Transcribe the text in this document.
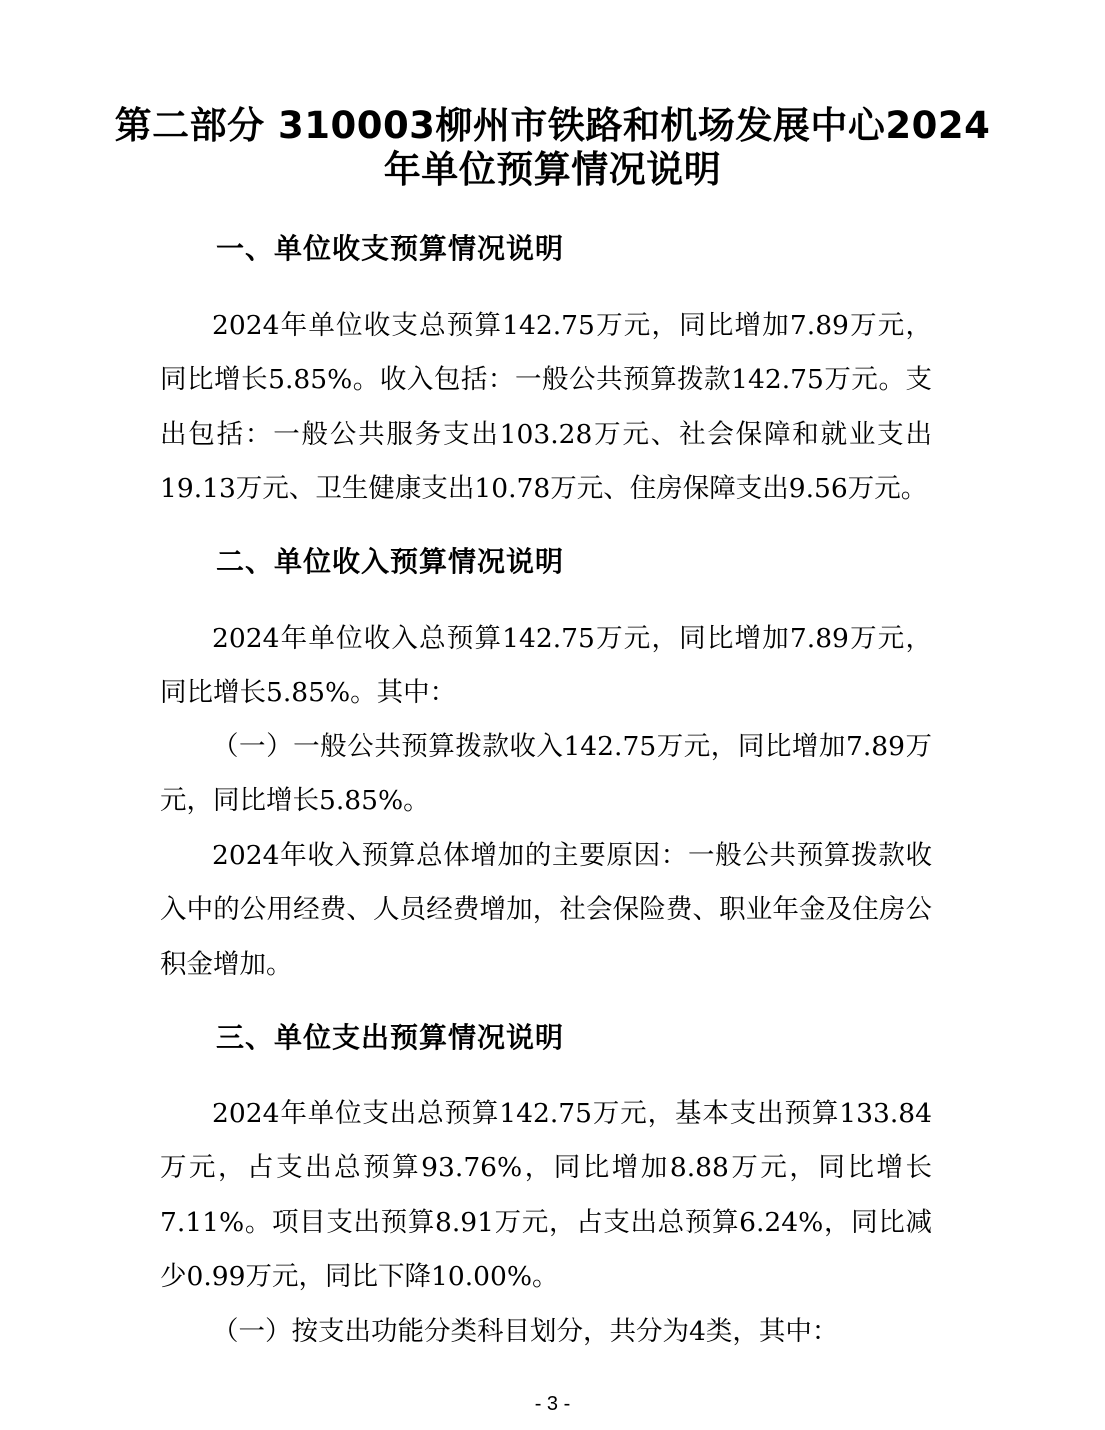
第二部分 310003柳州市铁路和机场发展中心2024年单位预算情况说明
一、单位收支预算情况说明

2024年单位收支总预算142.75万元，同比增加7.89万元，同比增长5.85%。收入包括：一般公共预算拨款142.75万元。支出包括：一般公共服务支出103.28万元、社会保障和就业支出19.13万元、卫生健康支出10.78万元、住房保障支出9.56万元。

二、单位收入预算情况说明

2024年单位收入总预算142.75万元，同比增加7.89万元，同比增长5.85%。其中：

（一）一般公共预算拨款收入142.75万元，同比增加7.89万元，同比增长5.85%。

2024年收入预算总体增加的主要原因：一般公共预算拨款收入中的公用经费、人员经费增加，社会保险费、职业年金及住房公积金增加。

三、单位支出预算情况说明

2024年单位支出总预算142.75万元，基本支出预算133.84万元，占支出总预算93.76%，同比增加8.88万元，同比增长7.11%。项目支出预算8.91万元，占支出总预算6.24%，同比减少0.99万元，同比下降10.00%。

（一）按支出功能分类科目划分，共分为4类，其中：

- 3 -
